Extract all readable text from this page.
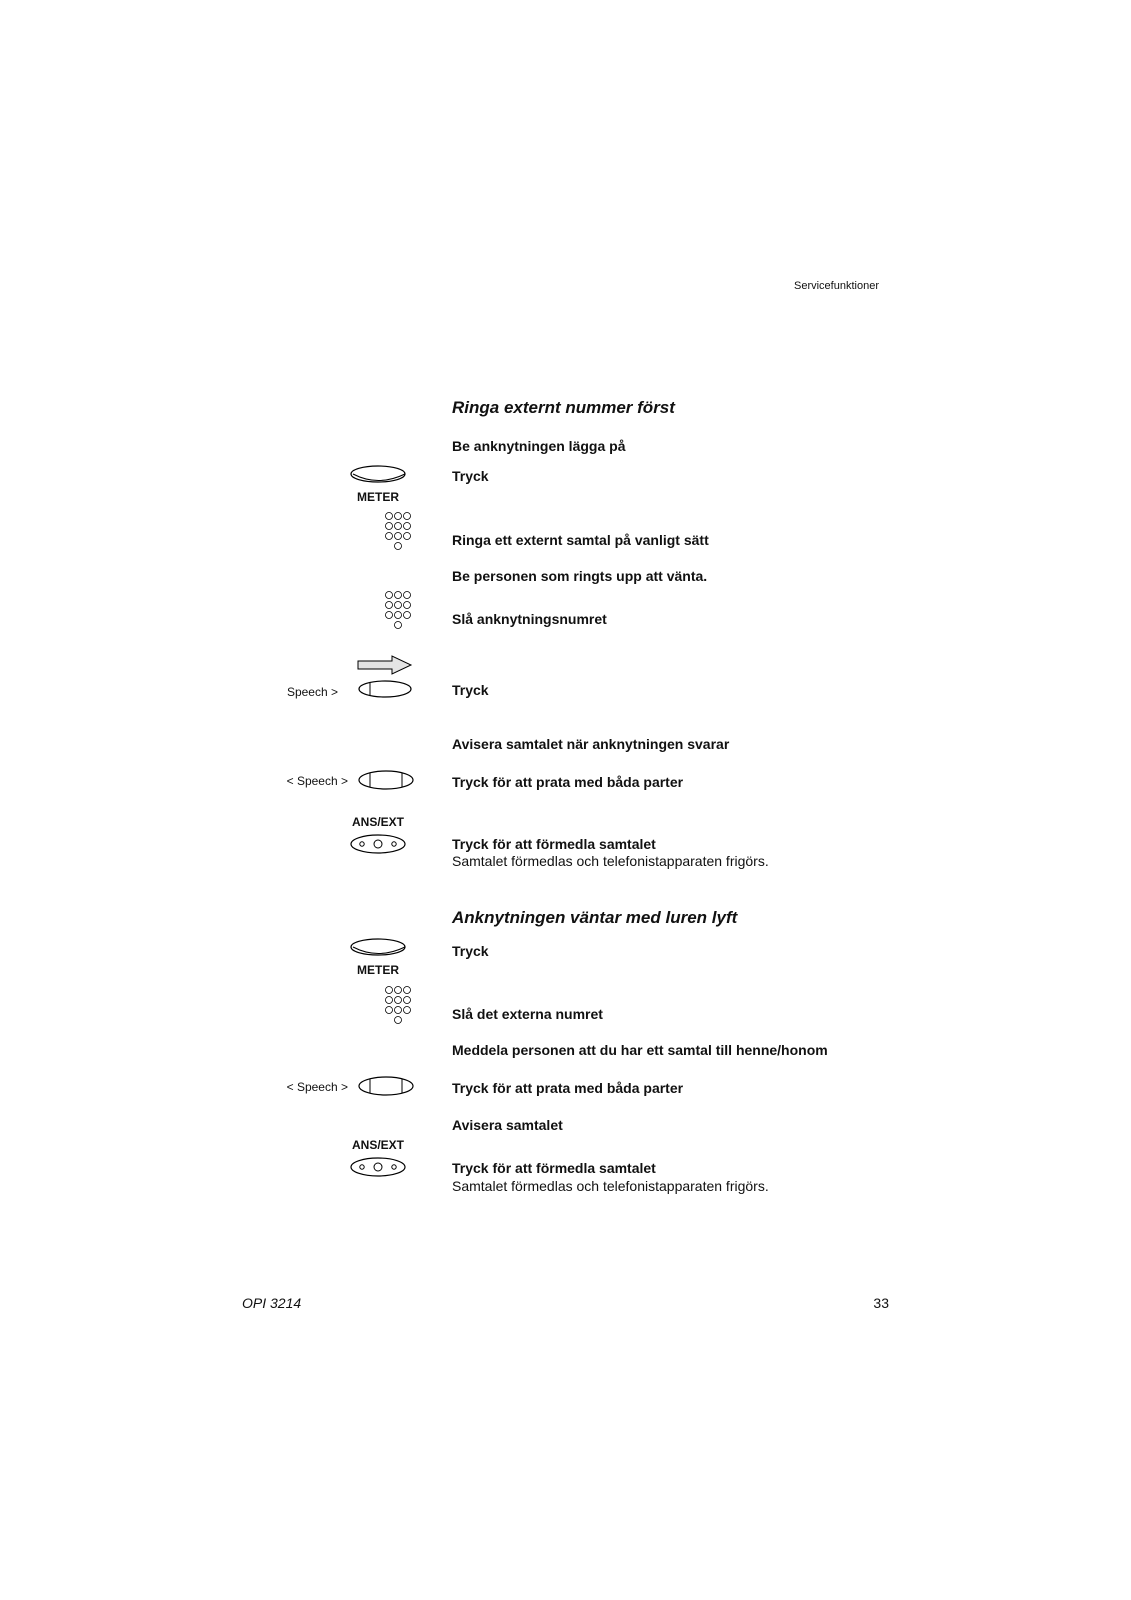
Servicefunktioner
Ringa externt nummer först
Be anknytningen lägga på
METER
Tryck
Ringa ett externt samtal på vanligt sätt
Be personen som ringts upp att vänta.
Slå anknytningsnumret
Speech >	Tryck
Avisera samtalet när anknytningen svarar
< Speech >	Tryck för att prata med båda parter
ANS/EXT
Tryck för att förmedla samtalet
Samtalet förmedlas och telefonistapparaten frigörs.
Anknytningen väntar med luren lyft
METER
Tryck
Slå det externa numret
Meddela personen att du har ett samtal till henne/honom
< Speech >	Tryck för att prata med båda parter
Avisera samtalet
ANS/EXT
Tryck för att förmedla samtalet
Samtalet förmedlas och telefonistapparaten frigörs.
OPI 3214	33
